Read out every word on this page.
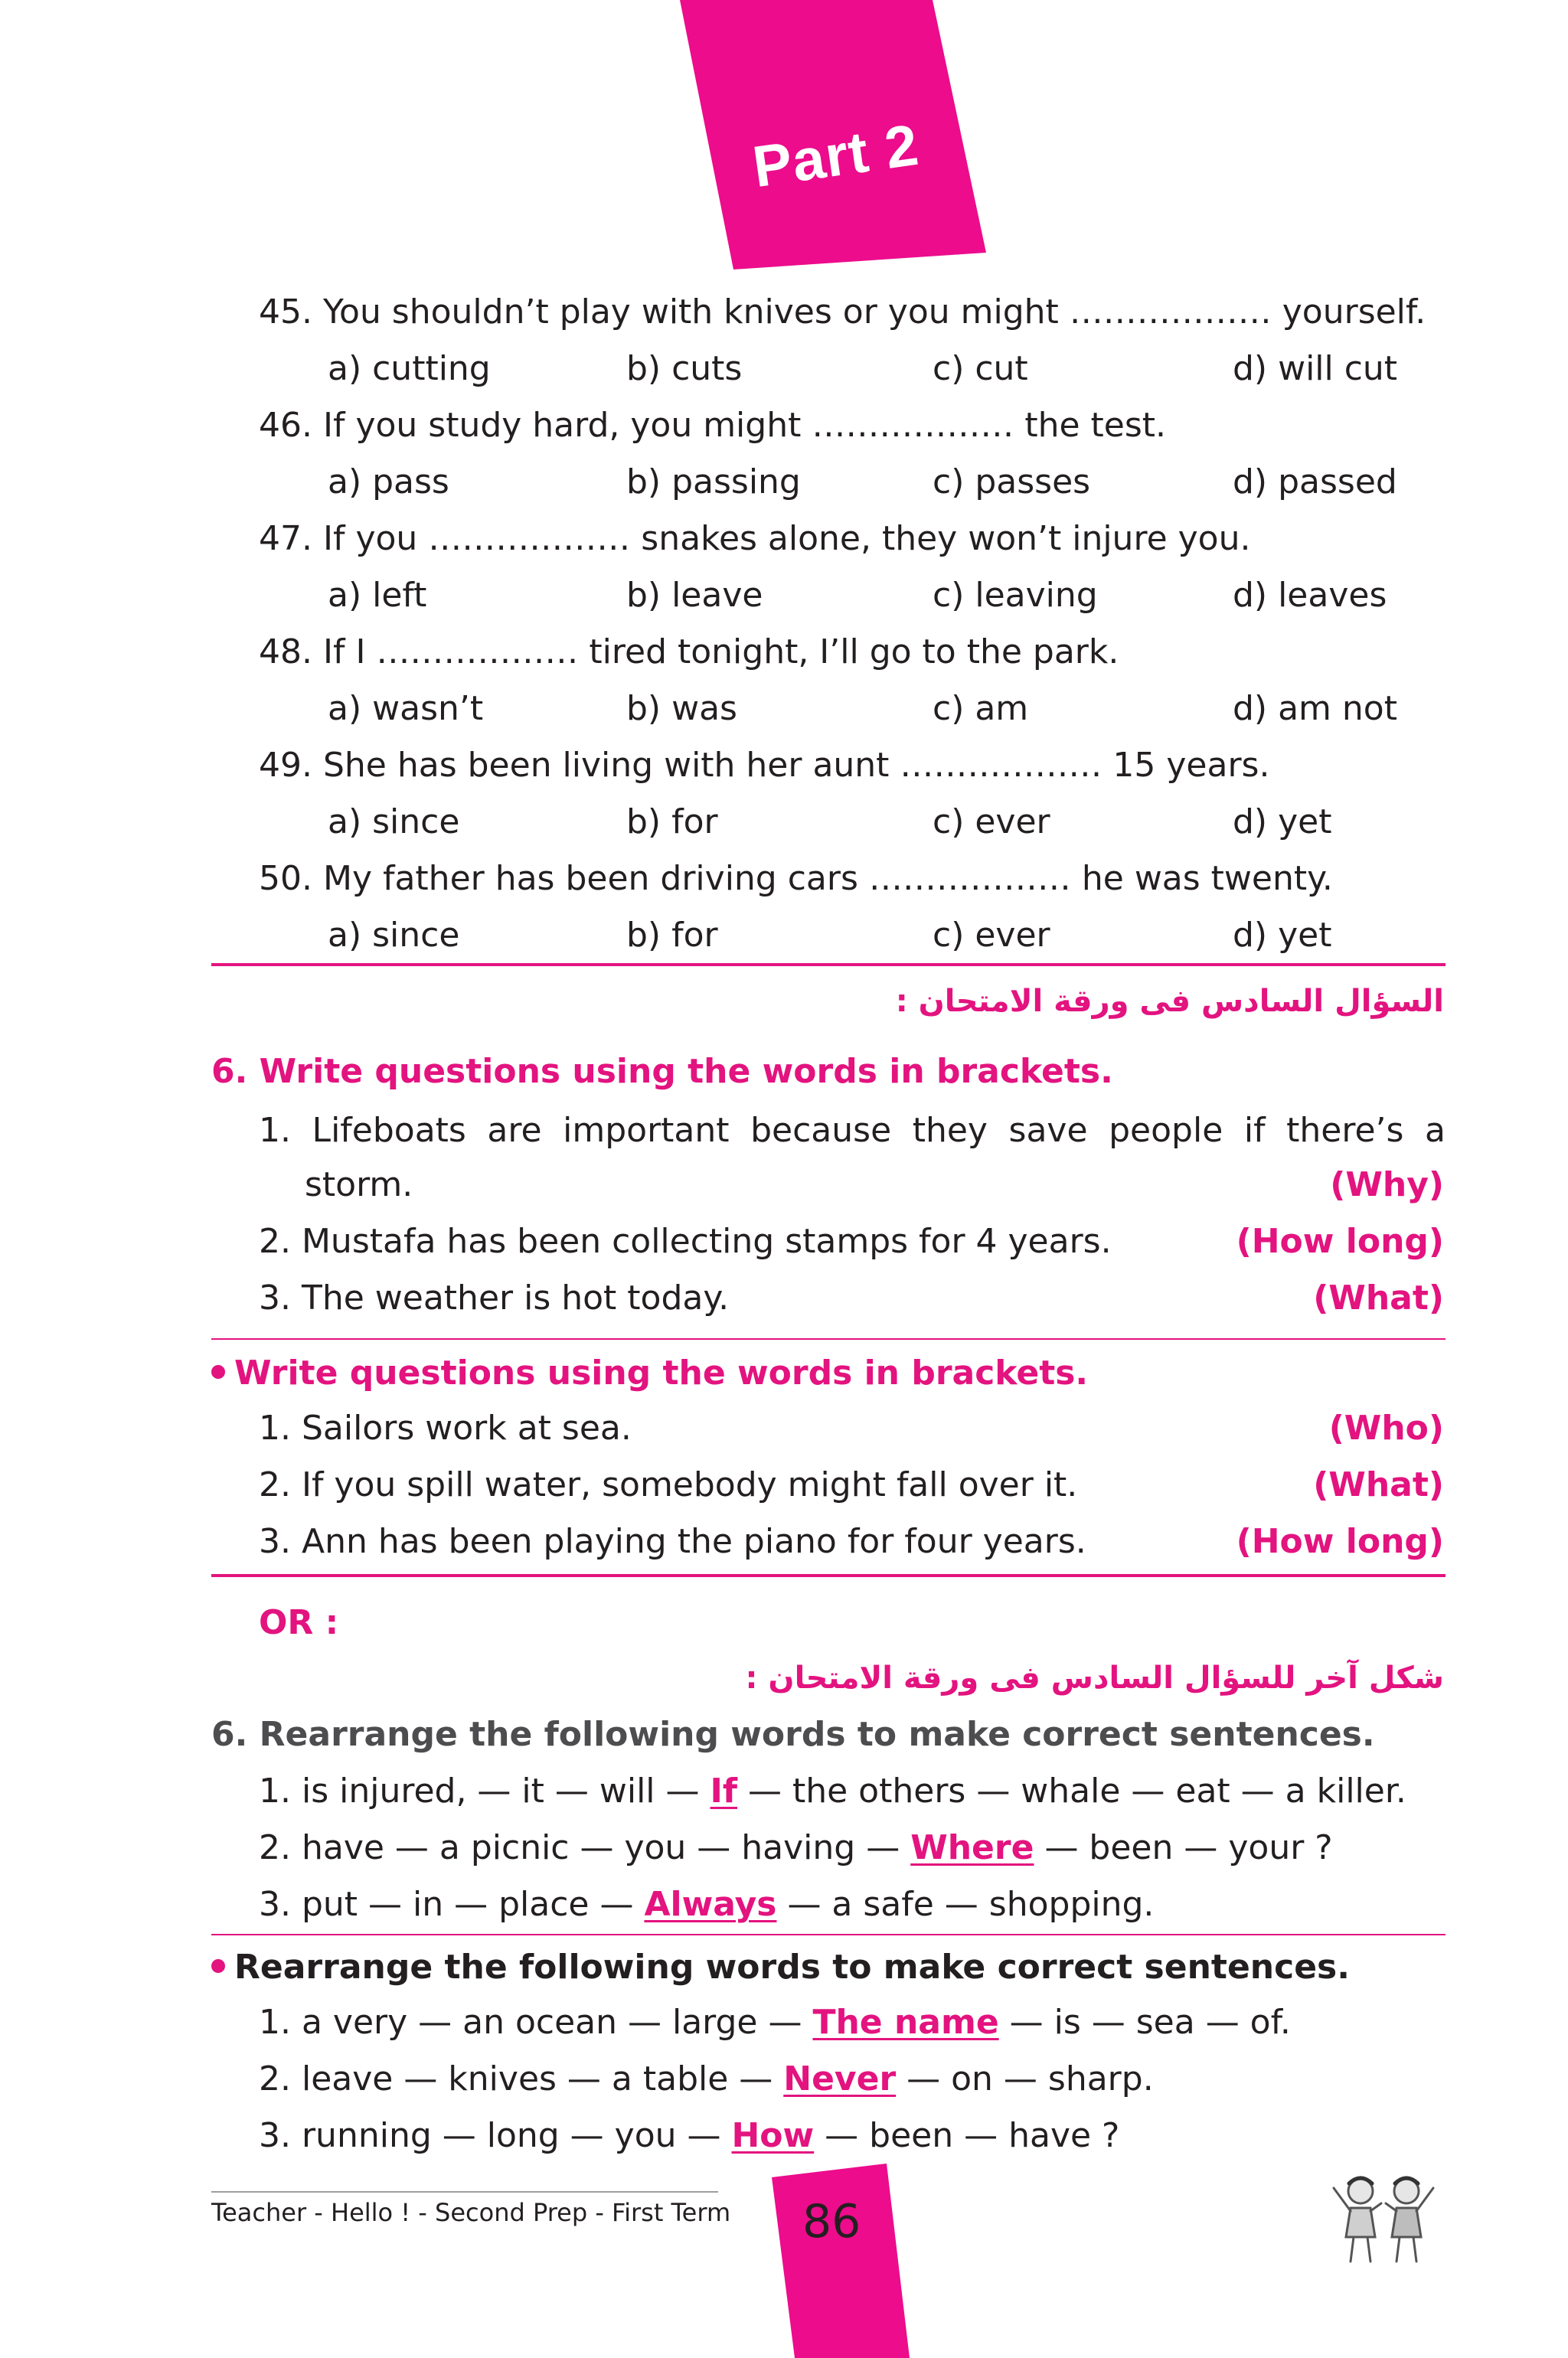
Part 2
45. You shouldn’t play with knives or you might ……………… yourself.
a) cutting	b) cuts	c) cut	d) will cut
46. If you study hard, you might ……………… the test.
a) pass	b) passing	c) passes	d) passed
47. If you ……………… snakes alone, they won’t injure you.
a) left	b) leave	c) leaving	d) leaves
48. If I ……………… tired tonight, I’ll go to the park.
a) wasn’t	b) was	c) am	d) am not
49. She has been living with her aunt ……………… 15 years.
a) since	b) for	c) ever	d) yet
50. My father has been driving cars ……………… he was twenty.
a) since	b) for	c) ever	d) yet
السؤال السادس فى ورقة الامتحان :
6. Write questions using the words in brackets.
1. Lifeboats are important because they save people if there’s a
storm.	(Why)
2. Mustafa has been collecting stamps for 4 years.	(How long)
3. The weather is hot today.	(What)
Write questions using the words in brackets.
1. Sailors work at sea.	(Who)
2. If you spill water, somebody might fall over it.	(What)
3. Ann has been playing the piano for four years.	(How long)
OR :
شكل آخر للسؤال السادس فى ورقة الامتحان :
6. Rearrange the following words to make correct sentences.
1. is injured, — it — will — If — the others — whale — eat — a killer.
2. have — a picnic — you — having — Where — been — your ?
3. put — in — place — Always — a safe — shopping.
Rearrange the following words to make correct sentences.
1. a very — an ocean — large — The name — is — sea — of.
2. leave — knives — a table — Never — on — sharp.
3. running — long — you — How — been — have ?
Teacher - Hello ! - Second Prep - First Term 86
